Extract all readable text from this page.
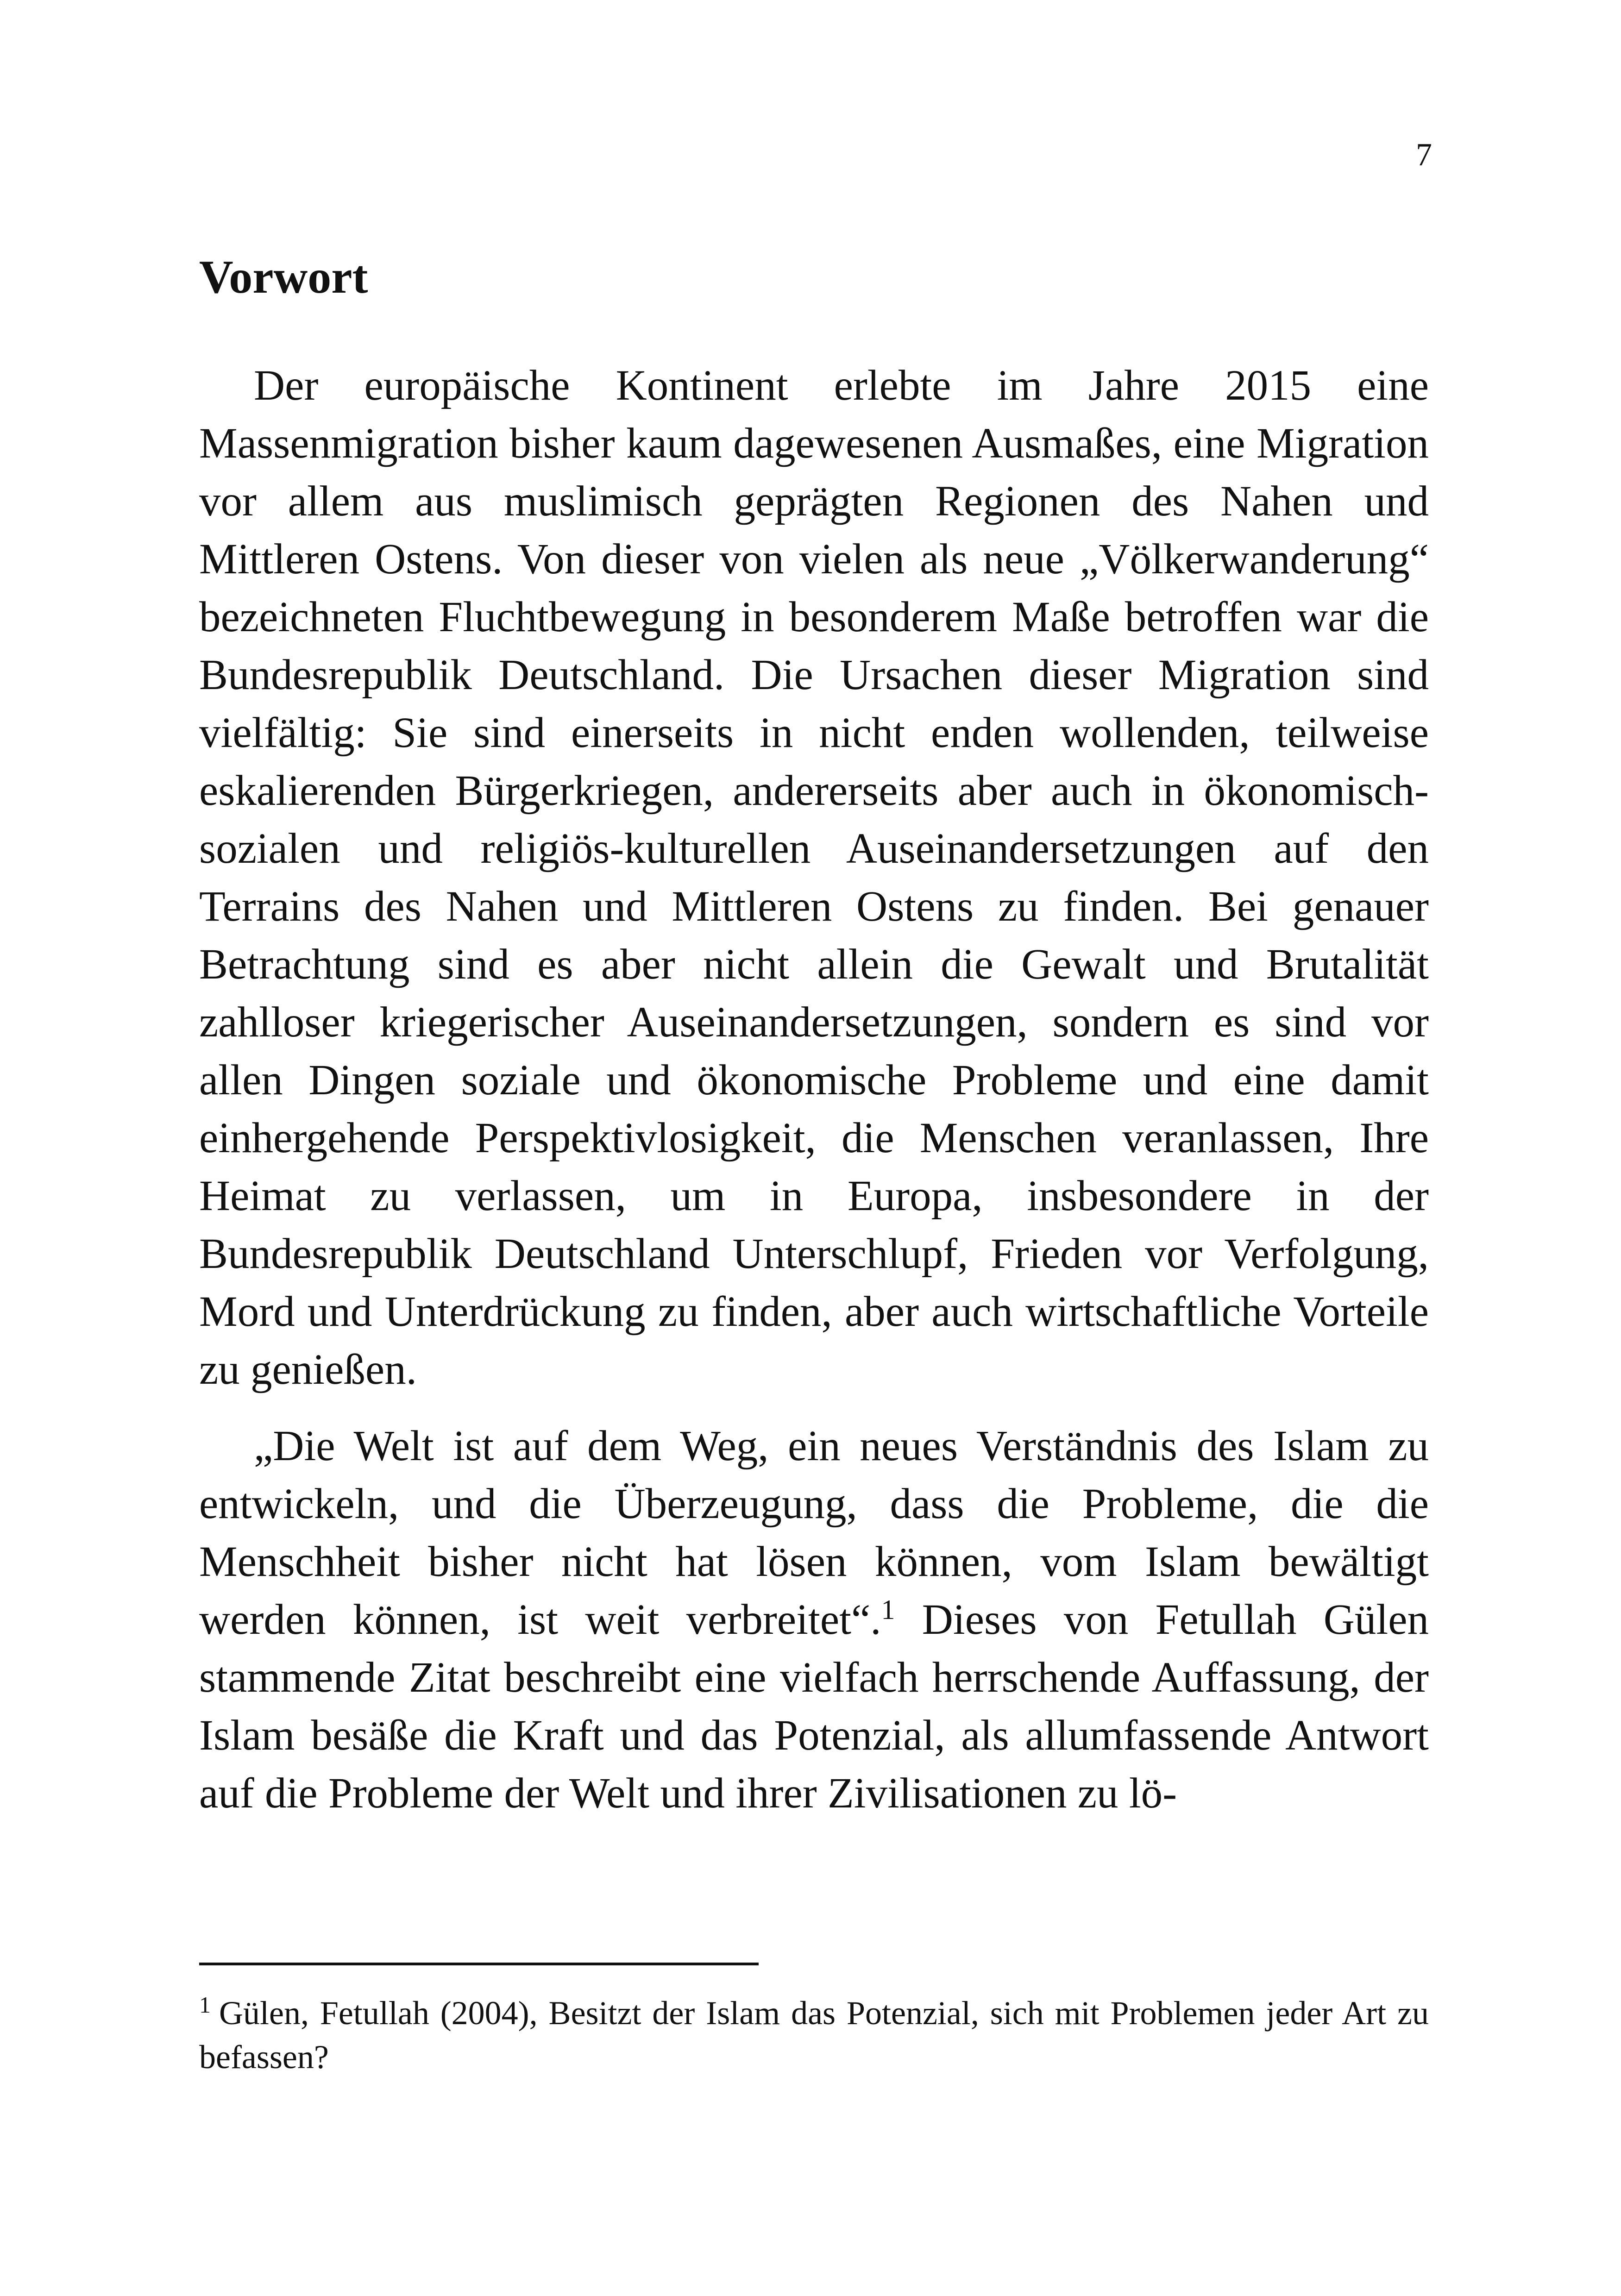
7
Vorwort

Der europäische Kontinent erlebte im Jahre 2015 eine Massenmigration bisher kaum dagewesenen Ausmaßes, eine Migration vor allem aus muslimisch geprägten Regionen des Nahen und Mittleren Ostens. Von dieser von vielen als neue „Völkerwanderung“ bezeichneten Fluchtbewegung in besonderem Maße betroffen war die Bundesrepublik Deutschland. Die Ursachen dieser Migration sind vielfältig: Sie sind einerseits in nicht enden wollenden, teilweise eskalierenden Bürgerkriegen, andererseits aber auch in ökonomisch-sozialen und religiös-kulturellen Auseinandersetzungen auf den Terrains des Nahen und Mittleren Ostens zu finden. Bei genauer Betrachtung sind es aber nicht allein die Gewalt und Brutalität zahlloser kriegerischer Auseinandersetzungen, sondern es sind vor allen Dingen soziale und ökonomische Probleme und eine damit einhergehende Perspektivlosigkeit, die Menschen veranlassen, Ihre Heimat zu verlassen, um in Europa, insbesondere in der Bundesrepublik Deutschland Unterschlupf, Frieden vor Verfolgung, Mord und Unterdrückung zu finden, aber auch wirtschaftliche Vorteile zu genießen.

„Die Welt ist auf dem Weg, ein neues Verständnis des Islam zu entwickeln, und die Überzeugung, dass die Probleme, die die Menschheit bisher nicht hat lösen können, vom Islam bewältigt werden können, ist weit verbreitet“.$^1$ Dieses von Fetullah Gülen stammende Zitat beschreibt eine vielfach herrschende Auffassung, der Islam besäße die Kraft und das Potenzial, als allumfassende Antwort auf die Probleme der Welt und ihrer Zivilisationen zu lö-

$^1$ Gülen, Fetullah (2004), Besitzt der Islam das Potenzial, sich mit Problemen jeder Art zu befassen?
